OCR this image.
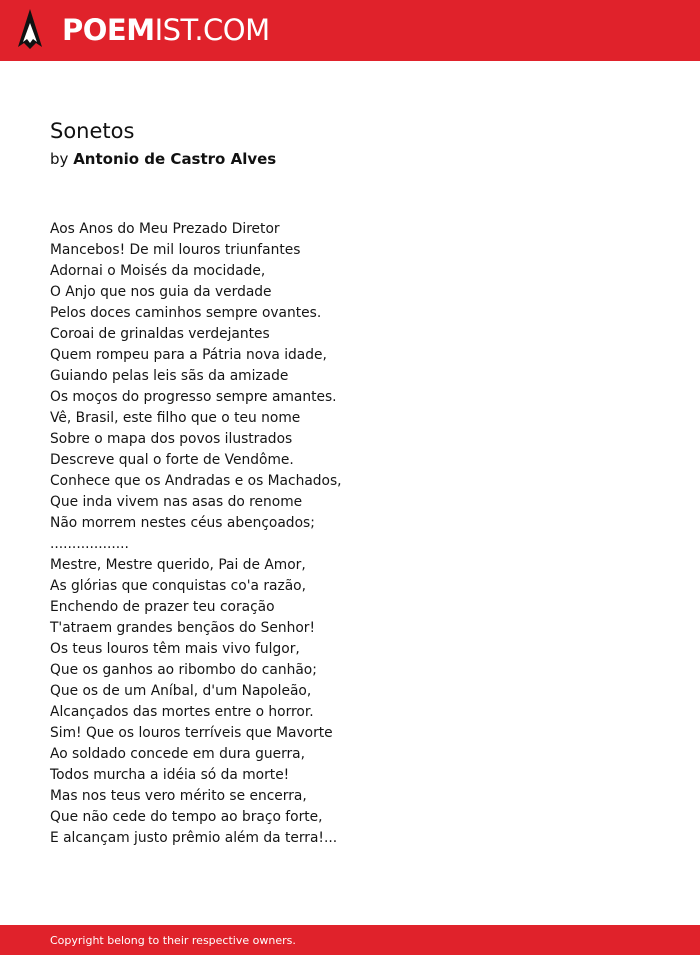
POEMIST.COM
Sonetos
by Antonio de Castro Alves
Aos Anos do Meu Prezado Diretor
Mancebos! De mil louros triunfantes
Adornai o Moisés da mocidade,
O Anjo que nos guia da verdade
Pelos doces caminhos sempre ovantes.
Coroai de grinaldas verdejantes
Quem rompeu para a Pátria nova idade,
Guiando pelas leis sãs da amizade
Os moços do progresso sempre amantes.
Vê, Brasil, este filho que o teu nome
Sobre o mapa dos povos ilustrados
Descreve qual o forte de Vendôme.
Conhece que os Andradas e os Machados,
Que inda vivem nas asas do renome
Não morrem nestes céus abençoados;
..................
Mestre, Mestre querido, Pai de Amor,
As glórias que conquistas co'a razão,
Enchendo de prazer teu coração
T'atraem grandes bençãos do Senhor!
Os teus louros têm mais vivo fulgor,
Que os ganhos ao ribombo do canhão;
Que os de um Aníbal, d'um Napoleão,
Alcançados das mortes entre o horror.
Sim! Que os louros terríveis que Mavorte
Ao soldado concede em dura guerra,
Todos murcha a idéia só da morte!
Mas nos teus vero mérito se encerra,
Que não cede do tempo ao braço forte,
E alcançam justo prêmio além da terra!...
Copyright belong to their respective owners.
